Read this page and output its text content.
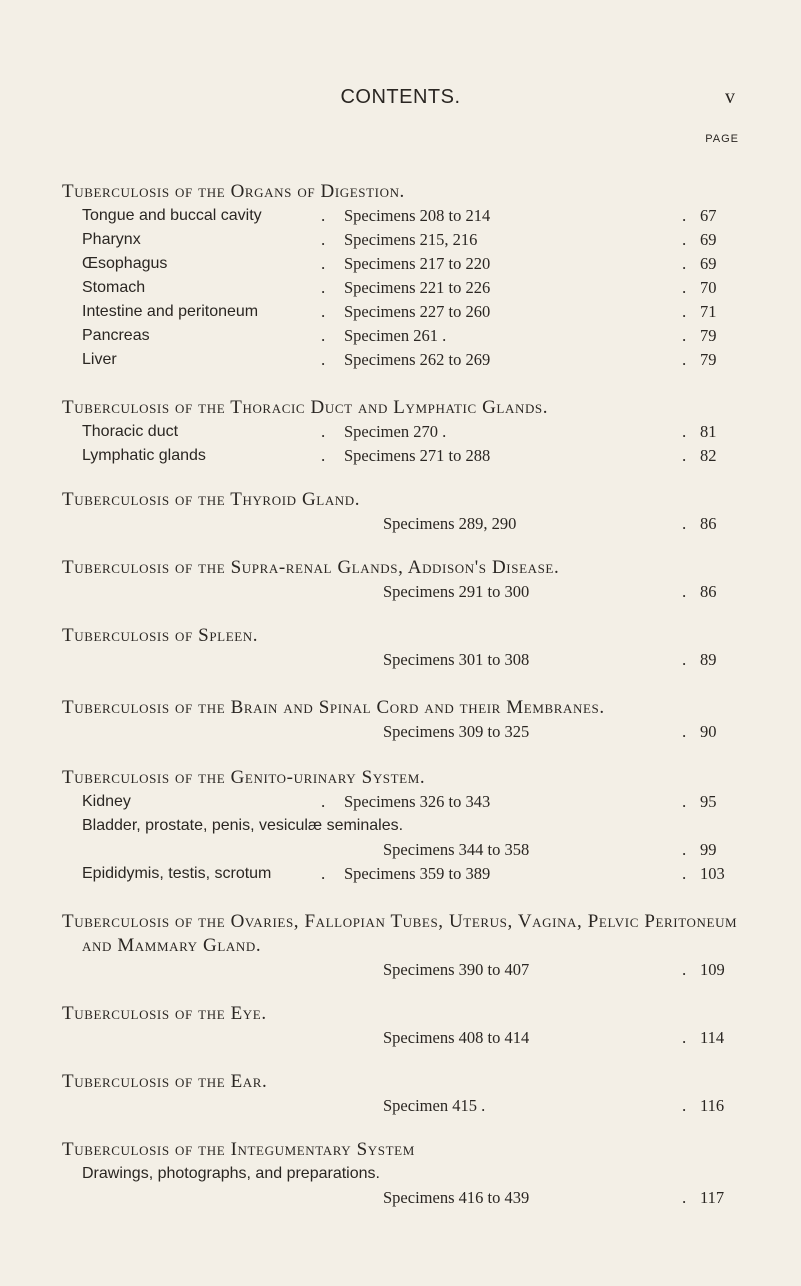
CONTENTS.	v
PAGE
Tuberculosis of the Organs of Digestion.
Tongue and buccal cavity	. Specimens 208 to 214	. 67
Pharynx	. Specimens 215, 216	. 69
Œsophagus	. Specimens 217 to 220	. 69
Stomach	. Specimens 221 to 226	. 70
Intestine and peritoneum	. Specimens 227 to 260	. 71
Pancreas	. Specimen 261 .	. 79
Liver	. Specimens 262 to 269	. 79
Tuberculosis of the Thoracic Duct and Lymphatic Glands.
Thoracic duct	. Specimen 270 .	. 81
Lymphatic glands	. Specimens 271 to 288	. 82
Tuberculosis of the Thyroid Gland.
Specimens 289, 290	. 86
Tuberculosis of the Supra-renal Glands, Addison's Disease.
Specimens 291 to 300	. 86
Tuberculosis of Spleen.
Specimens 301 to 308	. 89
Tuberculosis of the Brain and Spinal Cord and their Membranes.
Specimens 309 to 325	. 90
Tuberculosis of the Genito-urinary System.
Kidney	. Specimens 326 to 343	. 95
Bladder, prostate, penis, vesiculæ seminales.
Specimens 344 to 358	. 99
Epididymis, testis, scrotum	. Specimens 359 to 389	. 103
Tuberculosis of the Ovaries, Fallopian Tubes, Uterus, Vagina, Pelvic Peritoneum and Mammary Gland.
Specimens 390 to 407	. 109
Tuberculosis of the Eye.
Specimens 408 to 414	. 114
Tuberculosis of the Ear.
Specimen 415 .	. 116
Tuberculosis of the Integumentary System
Drawings, photographs, and preparations.
Specimens 416 to 439	. 117
